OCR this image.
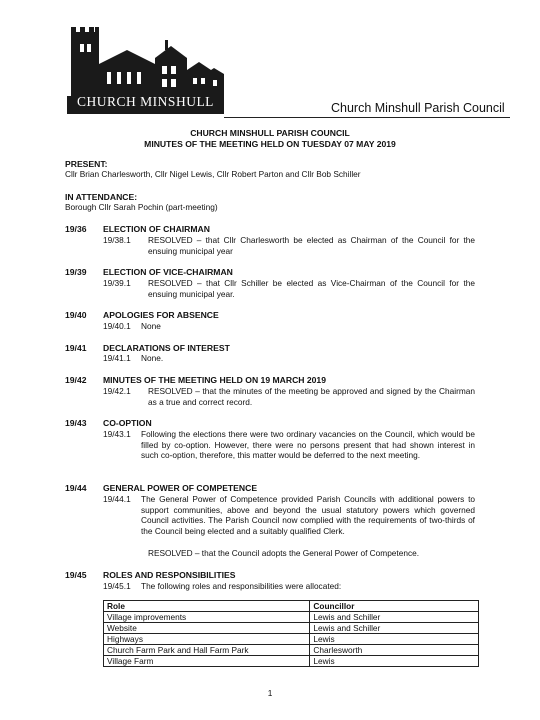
CHURCH MINSHULL	Church Minshull Parish Council
CHURCH MINSHULL PARISH COUNCIL
MINUTES OF THE MEETING HELD ON TUESDAY 07 MAY 2019
PRESENT:
Cllr Brian Charlesworth, Cllr Nigel Lewis, Cllr Robert Parton and Cllr Bob Schiller
IN ATTENDANCE:
Borough Cllr Sarah Pochin (part-meeting)
19/36 ELECTION OF CHAIRMAN
19/38.1 RESOLVED – that Cllr Charlesworth be elected as Chairman of the Council for the ensuing municipal year
19/39 ELECTION OF VICE-CHAIRMAN
19/39.1 RESOLVED – that Cllr Schiller be elected as Vice-Chairman of the Council for the ensuing municipal year.
19/40 APOLOGIES FOR ABSENCE
19/40.1 None
19/41 DECLARATIONS OF INTEREST
19/41.1 None.
19/42 MINUTES OF THE MEETING HELD ON 19 MARCH 2019
19/42.1 RESOLVED – that the minutes of the meeting be approved and signed by the Chairman as a true and correct record.
19/43 CO-OPTION
19/43.1 Following the elections there were two ordinary vacancies on the Council, which would be filled by co-option. However, there were no persons present that had shown interest in such co-option, therefore, this matter would be deferred to the next meeting.
19/44 GENERAL POWER OF COMPETENCE
19/44.1 The General Power of Competence provided Parish Councils with additional powers to support communities, above and beyond the usual statutory powers which governed Council activities. The Parish Council now complied with the requirements of two-thirds of the Council being elected and a suitably qualified Clerk.
RESOLVED – that the Council adopts the General Power of Competence.
19/45 ROLES AND RESPONSIBILITIES
19/45.1 The following roles and responsibilities were allocated:
Role	Councillor
Village improvements	Lewis and Schiller
Website	Lewis and Schiller
Highways	Lewis
Church Farm Park and Hall Farm Park	Charlesworth
Village Farm	Lewis
1
